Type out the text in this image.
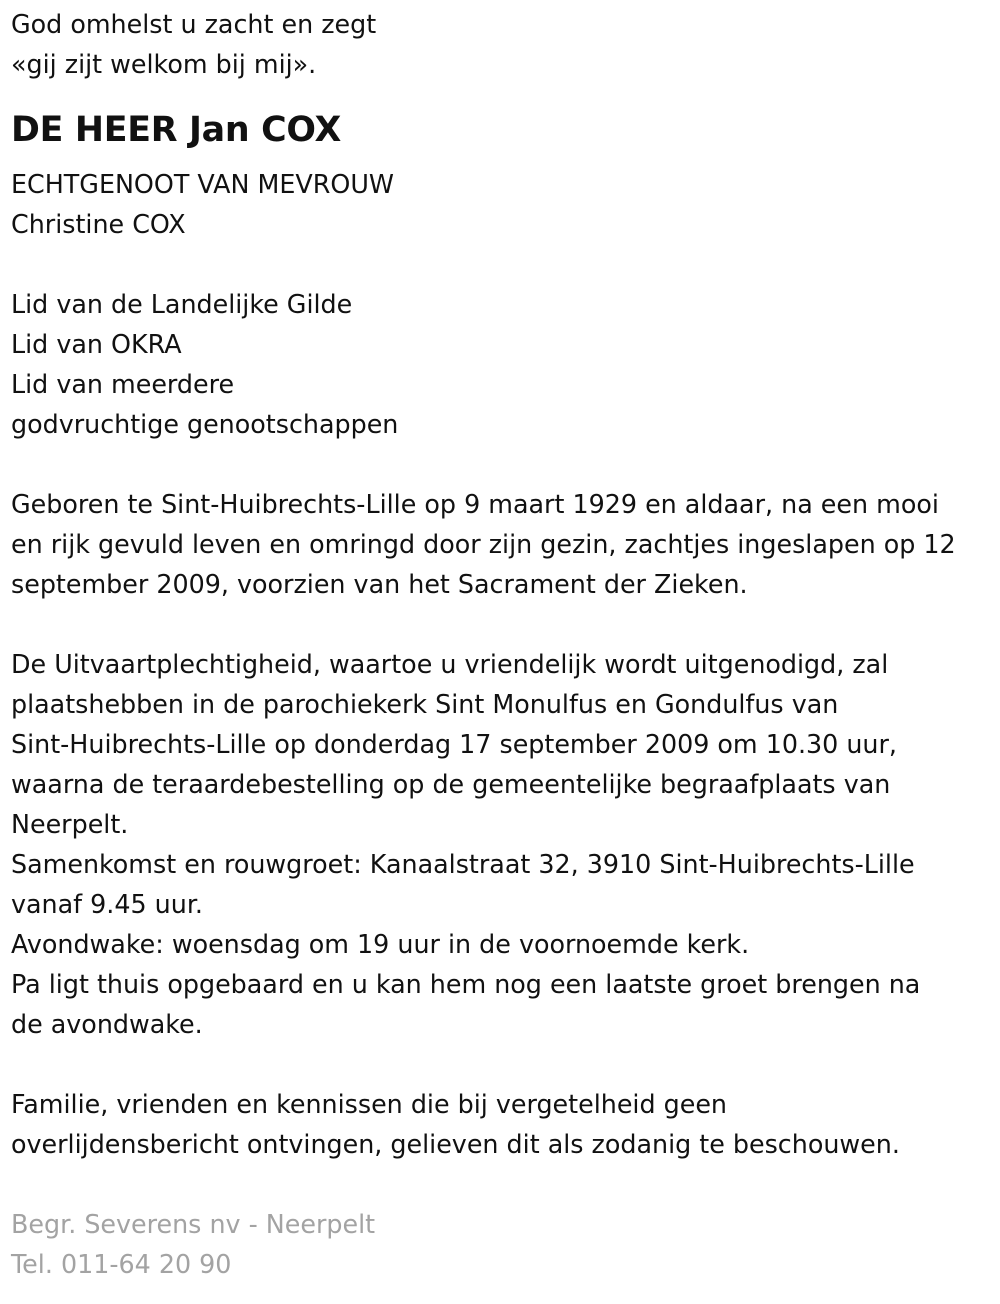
God omhelst u zacht en zegt
«gij zijt welkom bij mij».
DE HEER Jan COX
ECHTGENOOT VAN MEVROUW
Christine COX
Lid van de Landelijke Gilde
Lid van OKRA
Lid van meerdere
godvruchtige genootschappen
Geboren te Sint-Huibrechts-Lille op 9 maart 1929 en aldaar, na een mooi
en rijk gevuld leven en omringd door zijn gezin, zachtjes ingeslapen op 12
september 2009, voorzien van het Sacrament der Zieken.
De Uitvaartplechtigheid, waartoe u vriendelijk wordt uitgenodigd, zal
plaatshebben in de parochiekerk Sint Monulfus en Gondulfus van
Sint-Huibrechts-Lille op donderdag 17 september 2009 om 10.30 uur,
waarna de teraardebestelling op de gemeentelijke begraafplaats van
Neerpelt.
Samenkomst en rouwgroet: Kanaalstraat 32, 3910 Sint-Huibrechts-Lille
vanaf 9.45 uur.
Avondwake: woensdag om 19 uur in de voornoemde kerk.
Pa ligt thuis opgebaard en u kan hem nog een laatste groet brengen na
de avondwake.
Familie, vrienden en kennissen die bij vergetelheid geen
overlijdensbericht ontvingen, gelieven dit als zodanig te beschouwen.
Begr. Severens nv - Neerpelt
Tel. 011-64 20 90
